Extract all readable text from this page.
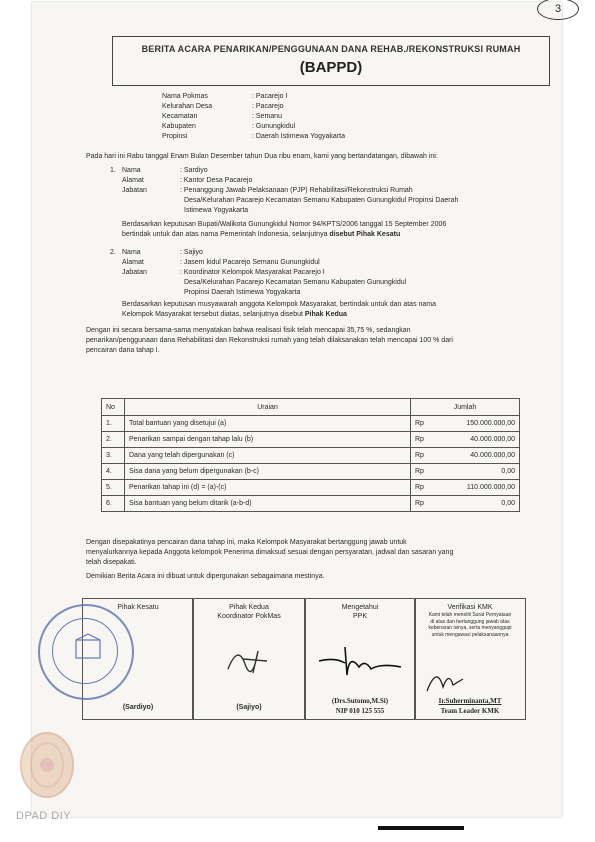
3
BERITA ACARA PENARIKAN/PENGGUNAAN DANA REHAB./REKONSTRUKSI RUMAH
(BAPPD)
Nama Pokmas	: Pacarejo I
Kelurahan Desa	: Pacarejo
Kecamatan	: Semanu
Kabupaten	: Gunungkidul
Propinsi	: Daerah Istimewa Yogyakarta
Pada hari ini Rabu tanggal Enam Bulan Desember tahun Dua ribu enam, kami yang bertandatangan, dibawah ini:
1. Nama	: Sardiyo
Alamat	: Kantor Desa Pacarejo
Jabatan	: Penanggung Jawab Pelaksanaan (PJP) Rehabilitasi/Rekonstruksi Rumah
Desa/Kelurahan Pacarejo Kecamatan Semanu Kabupaten Gunungkidul Propinsi Daerah
Istimewa Yogyakarta
Berdasarkan keputusan Bupati/Walikota Gunungkidul Nomor 94/KPTS/2006 tanggal 15 September 2006
bertindak untuk dan atas nama Pemerintah Indonesia, selanjutnya disebut Pihak Kesatu
2. Nama	: Sajiyo
Alamat	: Jasem kidul Pacarejo Semanu Gunungkidul
Jabatan	: Koordinator Kelompok Masyarakat Pacarejo I
Desa/Kelurahan Pacarejo Kecamatan Semanu Kabupaten Gunungkidul
Propinsi Daerah Istimewa Yogyakarta
Berdasarkan keputusan musyawarah anggota Kelompok Masyarakat, bertindak untuk dan atas nama
Kelompok Masyarakat tersebut diatas, selanjutnya disebut Pihak Kedua
Dengan ini secara bersama-sama menyatakan bahwa realisasi fisik telah mencapai 35,75 %, sedangkan
penarikan/penggunaan dana Rehabilitasi dan Rekonstruksi rumah yang telah dilaksanakan telah mencapai 100 % dari
pencairan dana tahap I.
No	Uraian	Jumlah	
1.	Total bantuan yang disetujui (a)	Rp	150.000.000,00
2.	Penarikan sampai dengan tahap lalu (b)	Rp	40.000.000,00
3.	Dana yang telah dipergunakan (c)	Rp	40.000.000,00
4.	Sisa dana yang belum dipergunakan (b-c)	Rp	0,00
5.	Penarikan tahap ini (d) = (a)-(c)	Rp	110.000.000,00
6.	Sisa bantuan yang belum ditarik (a-b-d)	Rp	0,00
Dengan disepakatinya pencairan dana tahap ini, maka Kelompok Masyarakat bertanggung jawab untuk
menyalurkannya kepada Anggota kelompok Penerima dimaksud sesuai dengan persyaratan, jadwal dan sasaran yang
telah disepakati.
Demikian Berita Acara ini dibuat untuk dipergunakan sebagaimana mestinya.
Pihak Kesatu
(Sardiyo)
Pihak Kedua
Koordinator PokMas
(Sajiyo)
Mengetahui
PPK
(Drs.Sutomo,M.Si)
NIP 010 125 555
Verifikasi KMK
Kami telah meneliti Surat Pernyataan
di atas dan bertanggung jawab atas
kebenaran isinya, serta menyanggupi
untuk mengawasi pelaksanaannya
Ir.Suherminanta,MT
Team Leader KMK
DPAD DIY
